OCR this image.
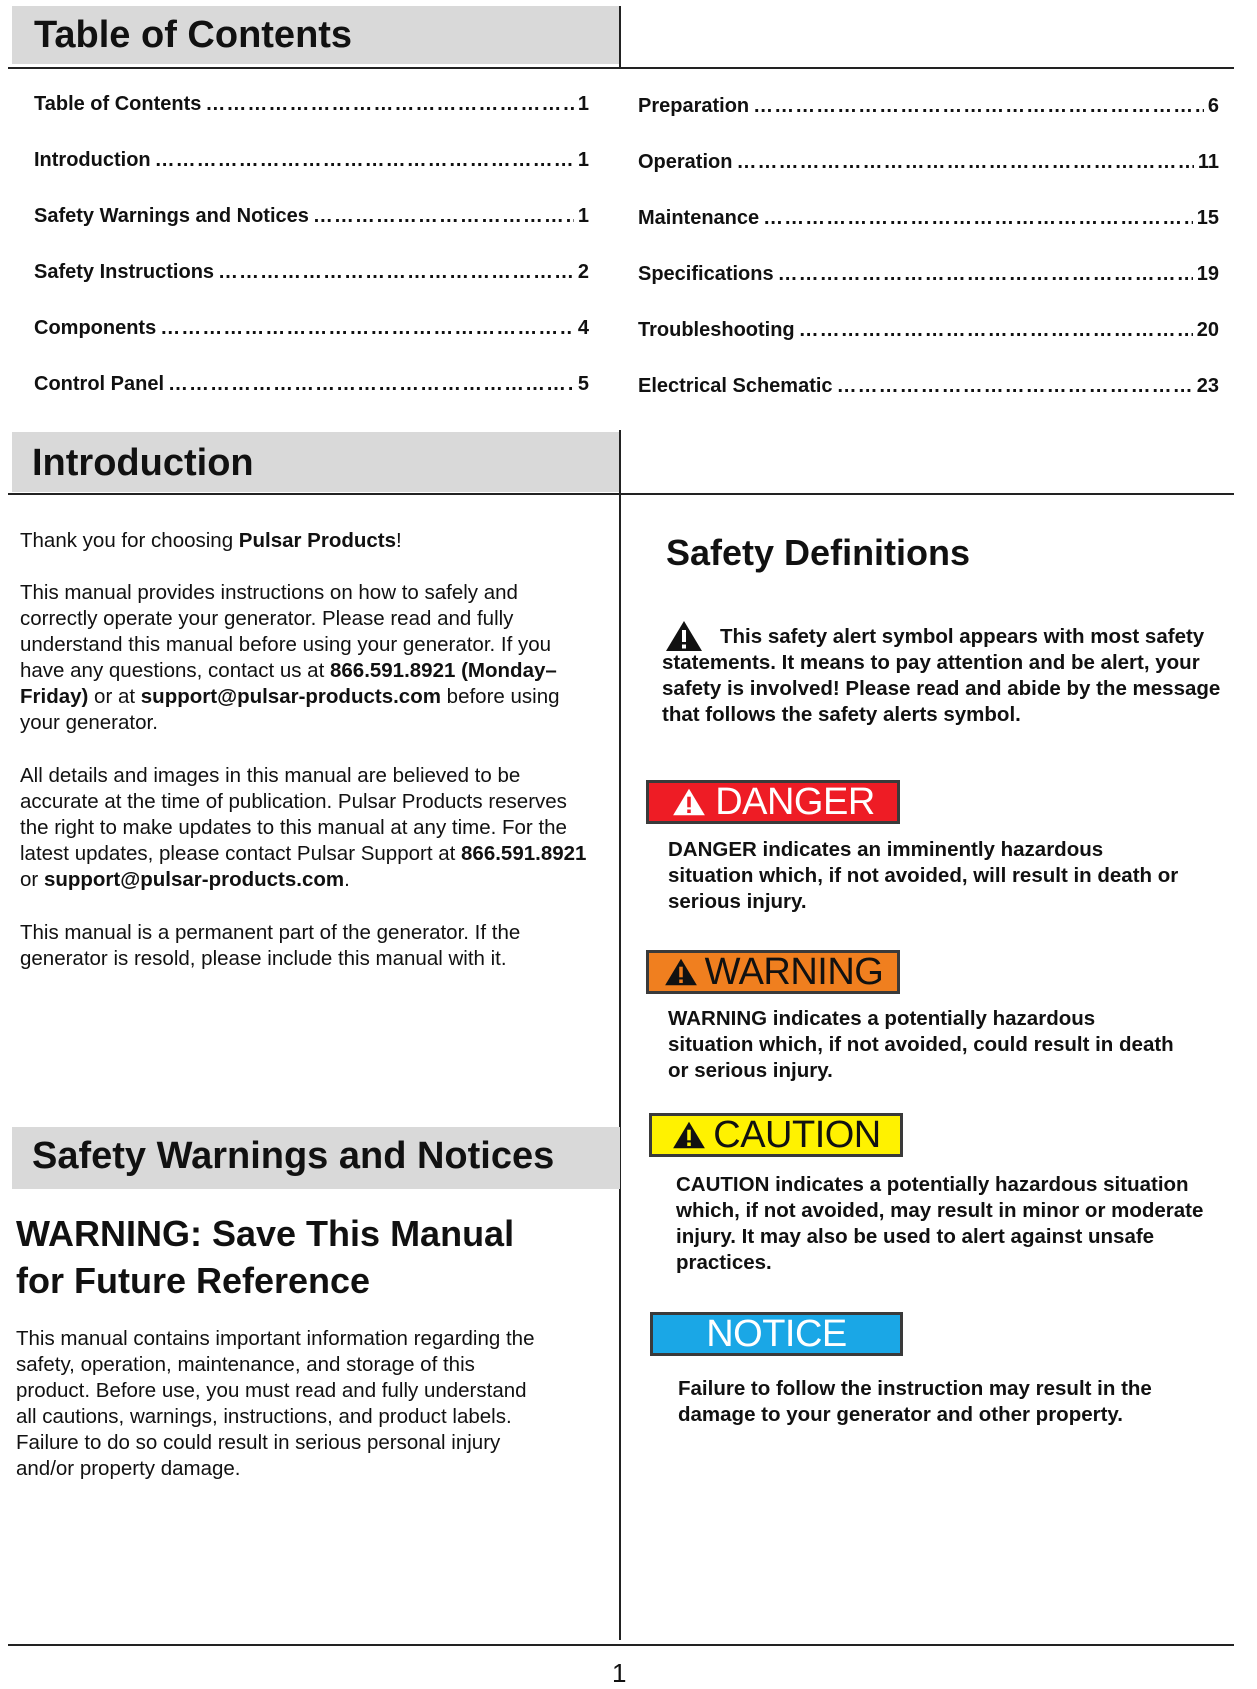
Table of Contents
Table of Contents …………………………………………………………………………………………………………………………………………………	1
Introduction …………………………………………………………………………………………………………………………………………………	1
Safety Warnings and Notices …………………………………………………………………………………………………………………………………………………	1
Safety Instructions …………………………………………………………………………………………………………………………………………………	2
Components …………………………………………………………………………………………………………………………………………………	4
Control Panel …………………………………………………………………………………………………………………………………………………	5
Preparation …………………………………………………………………………………………………………………………………………………	6
Operation …………………………………………………………………………………………………………………………………………………	11
Maintenance …………………………………………………………………………………………………………………………………………………	15
Specifications …………………………………………………………………………………………………………………………………………………	19
Troubleshooting …………………………………………………………………………………………………………………………………………………	20
Electrical Schematic …………………………………………………………………………………………………………………………………………………	23
Introduction
Thank you for choosing Pulsar Products!
This manual provides instructions on how to safely and correctly operate your generator. Please read and fully understand this manual before using your generator. If you have any questions, contact us at 866.591.8921 (Monday–Friday) or at support@pulsar-products.com before using your generator.
All details and images in this manual are believed to be accurate at the time of publication. Pulsar Products reserves the right to make updates to this manual at any time. For the latest updates, please contact Pulsar Support at 866.591.8921 or support@pulsar-products.com.
This manual is a permanent part of the generator. If the generator is resold, please include this manual with it.
Safety Warnings and Notices
WARNING: Save This Manual for Future Reference
This manual contains important information regarding the safety, operation, maintenance, and storage of this product. Before use, you must read and fully understand all cautions, warnings, instructions, and product labels. Failure to do so could result in serious personal injury and/or property damage.
Safety Definitions
This safety alert symbol appears with most safety statements. It means to pay attention and be alert, your safety is involved! Please read and abide by the message that follows the safety alerts symbol.
DANGER
DANGER indicates an imminently hazardous situation which, if not avoided, will result in death or serious injury.
WARNING
WARNING indicates a potentially hazardous situation which, if not avoided, could result in death or serious injury.
CAUTION
CAUTION indicates a potentially hazardous situation which, if not avoided, may result in minor or moderate injury. It may also be used to alert against unsafe practices.
NOTICE
Failure to follow the instruction may result in the damage to your generator and other property.
1
